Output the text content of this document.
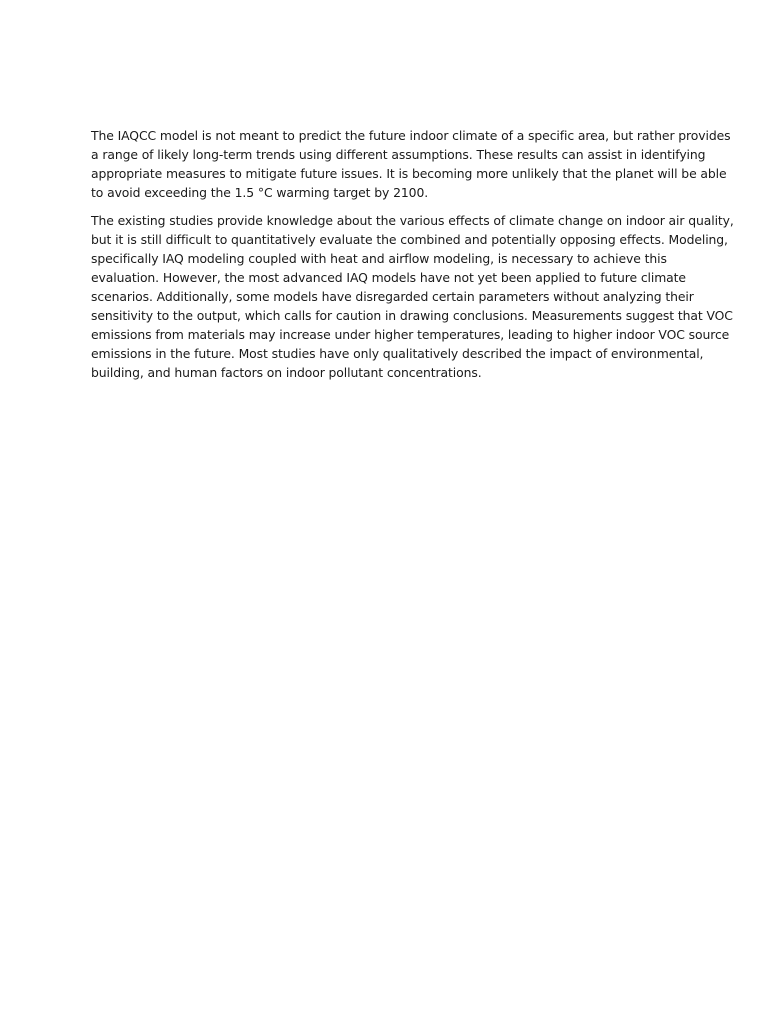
The IAQCC model is not meant to predict the future indoor climate of a specific area, but rather provides
a range of likely long-term trends using different assumptions. These results can assist in identifying
appropriate measures to mitigate future issues. It is becoming more unlikely that the planet will be able
to avoid exceeding the 1.5 °C warming target by 2100.

The existing studies provide knowledge about the various effects of climate change on indoor air quality,
but it is still difficult to quantitatively evaluate the combined and potentially opposing effects. Modeling,
specifically IAQ modeling coupled with heat and airflow modeling, is necessary to achieve this
evaluation. However, the most advanced IAQ models have not yet been applied to future climate
scenarios. Additionally, some models have disregarded certain parameters without analyzing their
sensitivity to the output, which calls for caution in drawing conclusions. Measurements suggest that VOC
emissions from materials may increase under higher temperatures, leading to higher indoor VOC source
emissions in the future. Most studies have only qualitatively described the impact of environmental,
building, and human factors on indoor pollutant concentrations.
